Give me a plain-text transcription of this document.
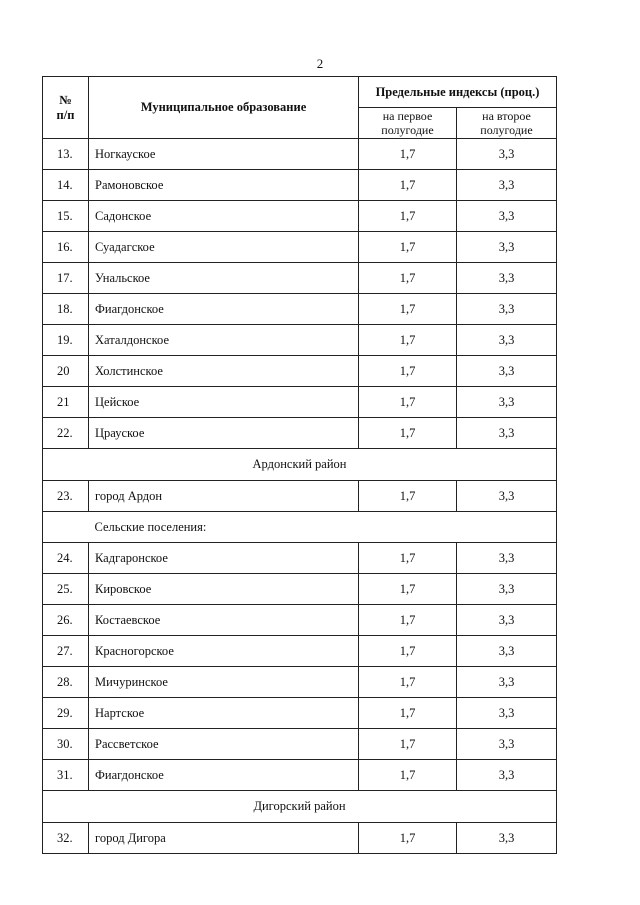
2
№
п/п	Муниципальное образование	Предельные индексы (проц.)	
		на первое полугодие	на второе полугодие
13.	Ногкауское	1,7	3,3
14.	Рамоновское	1,7	3,3
15.	Садонское	1,7	3,3
16.	Суадагское	1,7	3,3
17.	Унальское	1,7	3,3
18.	Фиагдонское	1,7	3,3
19.	Хаталдонское	1,7	3,3
20	Холстинское	1,7	3,3
21	Цейское	1,7	3,3
22.	Црауское	1,7	3,3
Ардонский район			
23.	город Ардон	1,7	3,3
	Сельские поселения:		
24.	Кадгаронское	1,7	3,3
25.	Кировское	1,7	3,3
26.	Костаевское	1,7	3,3
27.	Красногорское	1,7	3,3
28.	Мичуринское	1,7	3,3
29.	Нартское	1,7	3,3
30.	Рассветское	1,7	3,3
31.	Фиагдонское	1,7	3,3
Дигорский район			
32.	город Дигора	1,7	3,3
